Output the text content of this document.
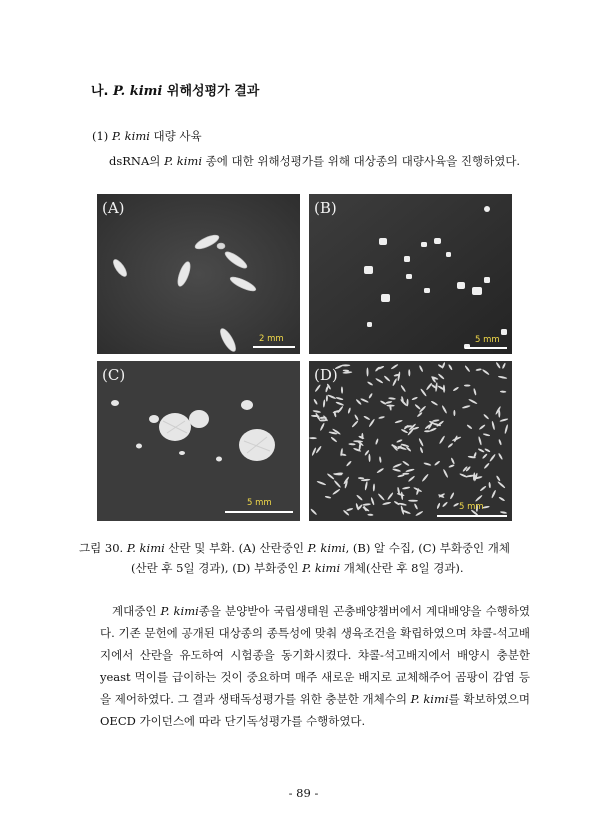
나. P. kimi 위해성평가 결과
(1) P. kimi 대량 사육
dsRNA의 P. kimi 종에 대한 위해성평가를 위해 대상종의 대량사육을 진행하였다.
(A)
2 mm
(B)
5 mm
(C)
5 mm
(D)
5 mm
그림 30. P. kimi 산란 및 부화. (A) 산란중인 P. kimi, (B) 알 수집, (C) 부화중인 개체
(산란 후 5일 경과), (D) 부화중인 P. kimi 개체(산란 후 8일 경과).
계대중인 P. kimi종을 분양받아 국립생태원 곤충배양챔버에서 계대배양을 수행하였다. 기존 문헌에 공개된 대상종의 종특성에 맞춰 생육조건을 확립하였으며 챠콜-석고배지에서 산란을 유도하여 시험종을 동기화시켰다. 챠콜-석고배지에서 배양시 충분한 yeast 먹이를 급이하는 것이 중요하며 매주 새로운 배지로 교체해주어 곰팡이 감염 등을 제어하였다. 그 결과 생태독성평가를 위한 충분한 개체수의 P. kimi를 확보하였으며 OECD 가이던스에 따라 단기독성평가를 수행하였다.
- 89 -
